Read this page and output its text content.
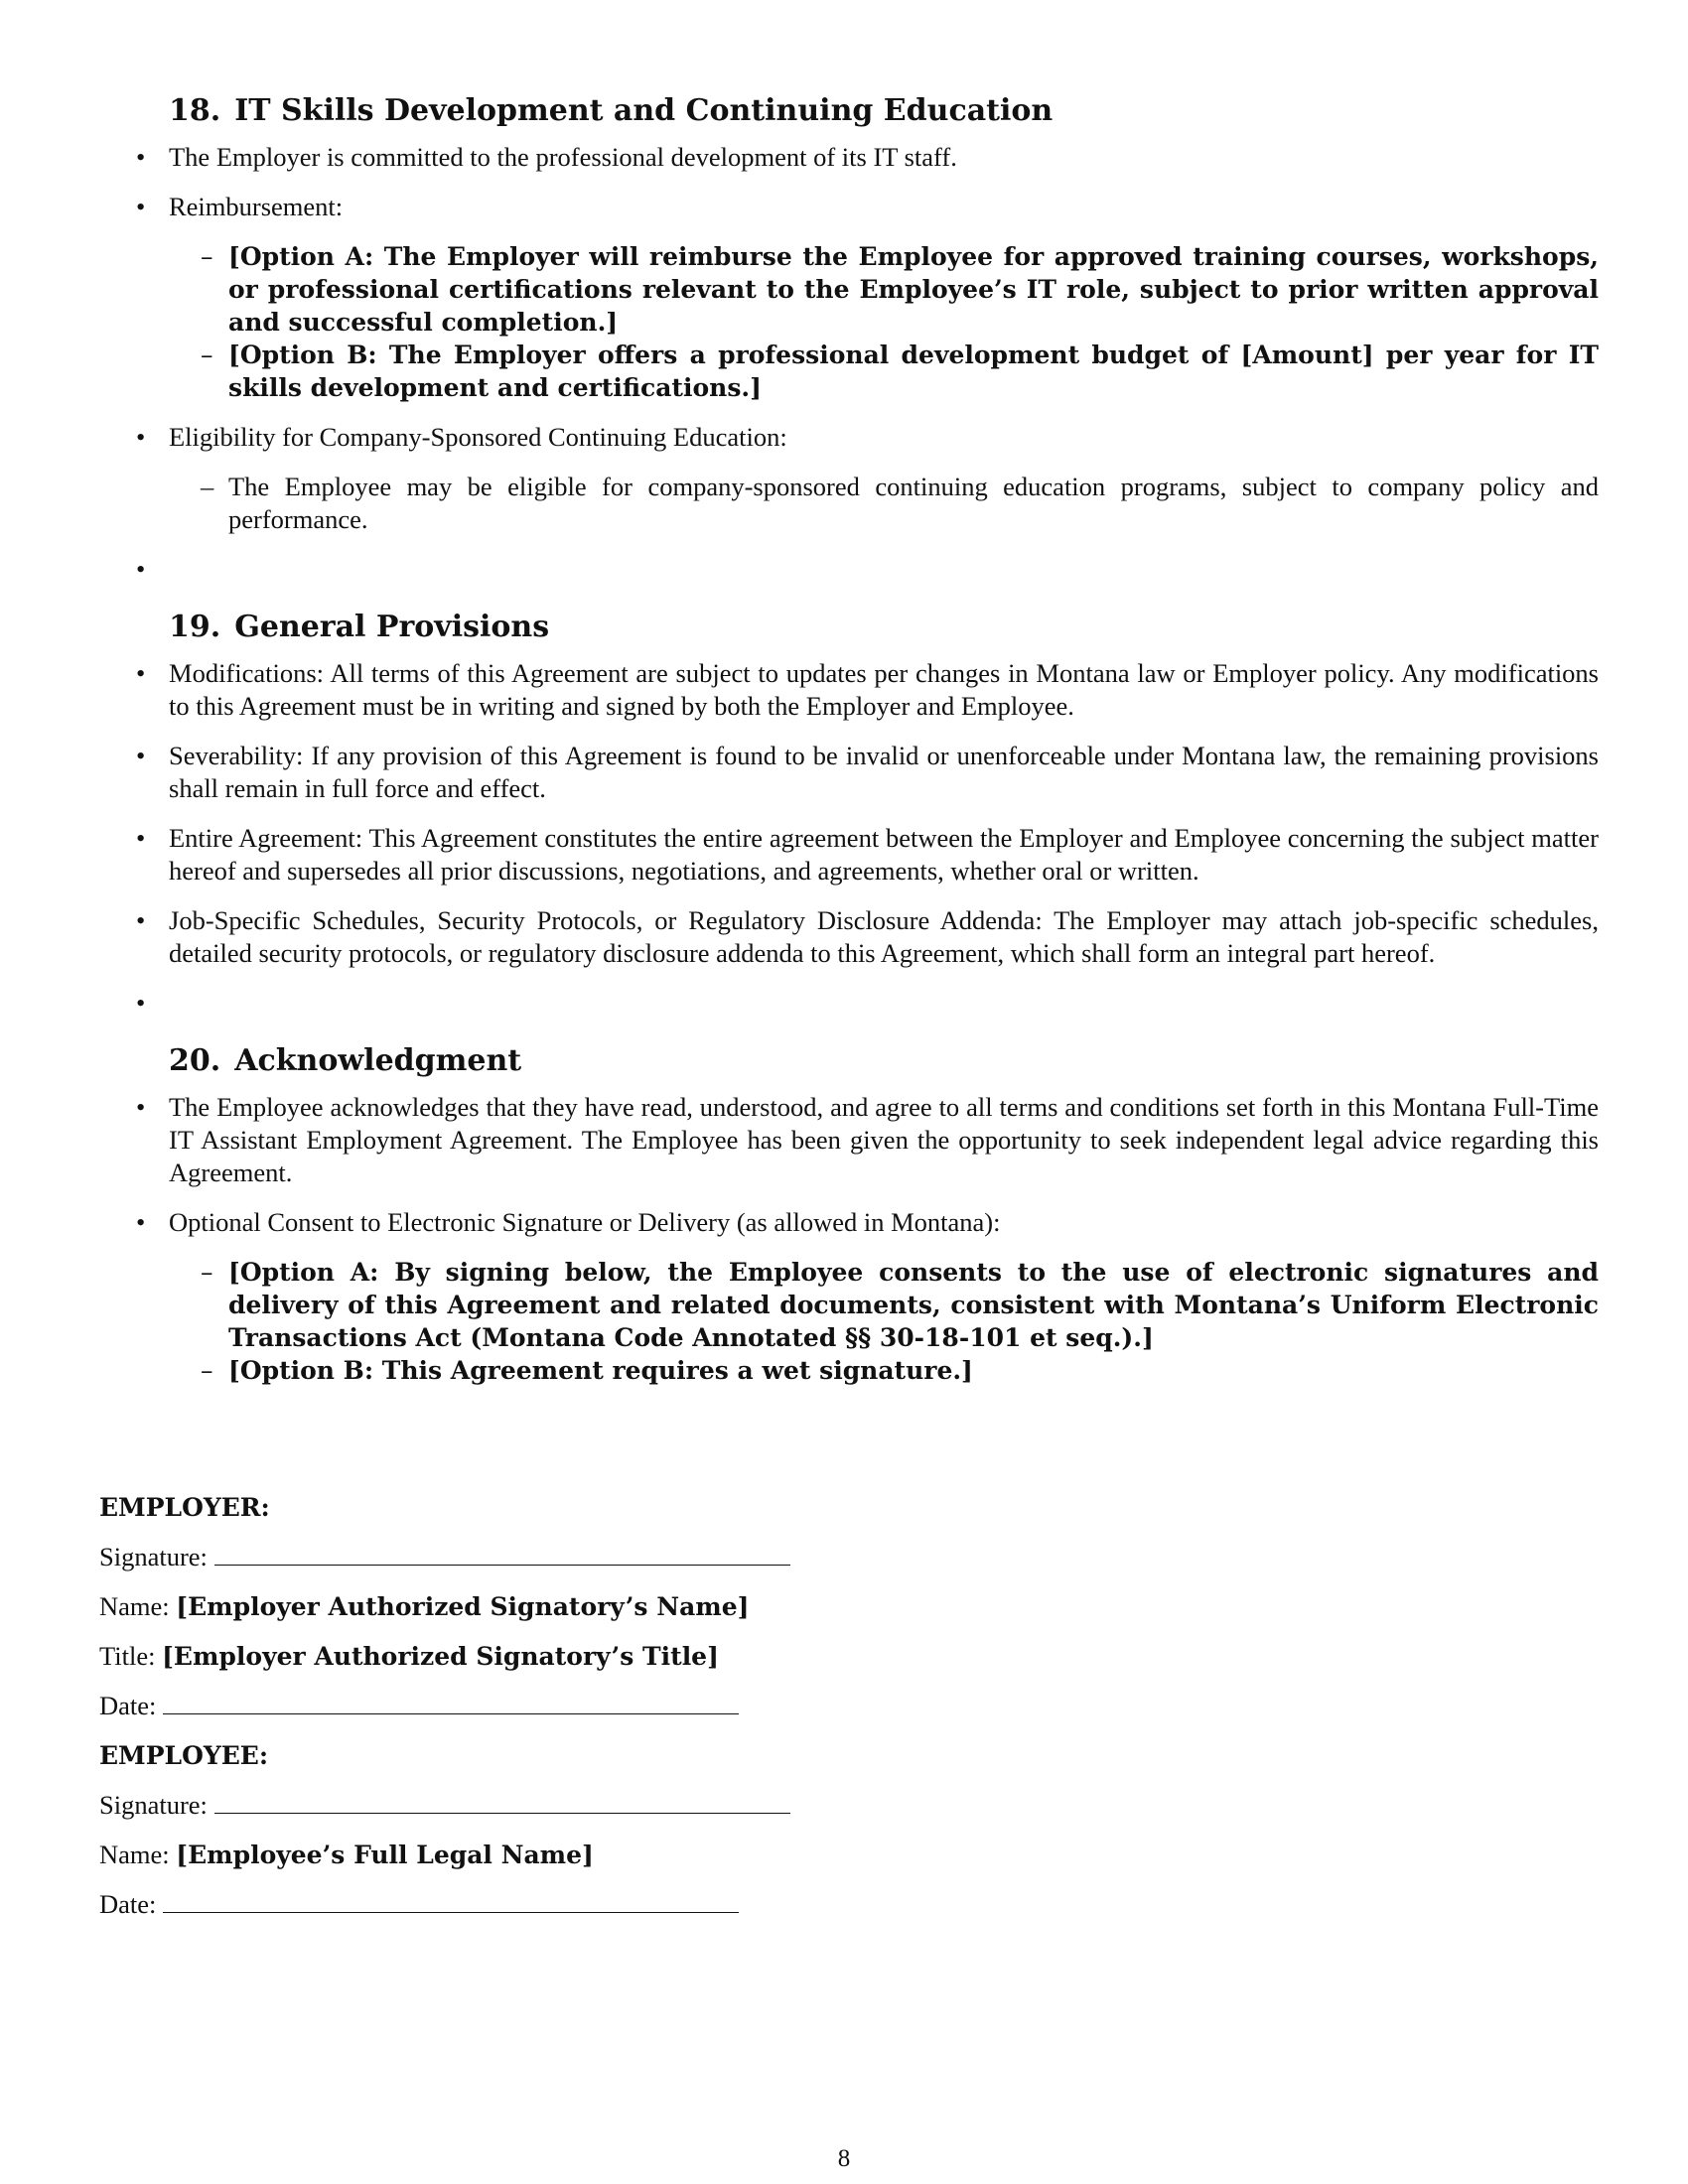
18. IT Skills Development and Continuing Education
• The Employer is committed to the professional development of its IT staff.
• Reimbursement:
– [Option A: The Employer will reimburse the Employee for approved training courses, workshops, or professional certifications relevant to the Employee’s IT role, subject to prior written approval and successful completion.]
– [Option B: The Employer offers a professional development budget of [Amount] per year for IT skills development and certifications.]
• Eligibility for Company-Sponsored Continuing Education:
– The Employee may be eligible for company-sponsored continuing education programs, subject to company policy and performance.
•
19. General Provisions
• Modifications: All terms of this Agreement are subject to updates per changes in Montana law or Employer policy. Any modifications to this Agreement must be in writing and signed by both the Employer and Employee.
• Severability: If any provision of this Agreement is found to be invalid or unenforceable under Montana law, the remaining provisions shall remain in full force and effect.
• Entire Agreement: This Agreement constitutes the entire agreement between the Employer and Employee concerning the subject matter hereof and supersedes all prior discussions, negotiations, and agreements, whether oral or written.
• Job-Specific Schedules, Security Protocols, or Regulatory Disclosure Addenda: The Employer may attach job-specific schedules, detailed security protocols, or regulatory disclosure addenda to this Agreement, which shall form an integral part hereof.
•
20. Acknowledgment
• The Employee acknowledges that they have read, understood, and agree to all terms and conditions set forth in this Montana Full-Time IT Assistant Employment Agreement. The Employee has been given the opportunity to seek independent legal advice regarding this Agreement.
• Optional Consent to Electronic Signature or Delivery (as allowed in Montana):
– [Option A: By signing below, the Employee consents to the use of electronic signatures and delivery of this Agreement and related documents, consistent with Montana’s Uniform Electronic Transactions Act (Montana Code Annotated §§ 30-18-101 et seq.).]
– [Option B: This Agreement requires a wet signature.]
EMPLOYER:
Signature:
Name: [Employer Authorized Signatory’s Name]
Title: [Employer Authorized Signatory’s Title]
Date:
EMPLOYEE:
Signature:
Name: [Employee’s Full Legal Name]
Date:
8
